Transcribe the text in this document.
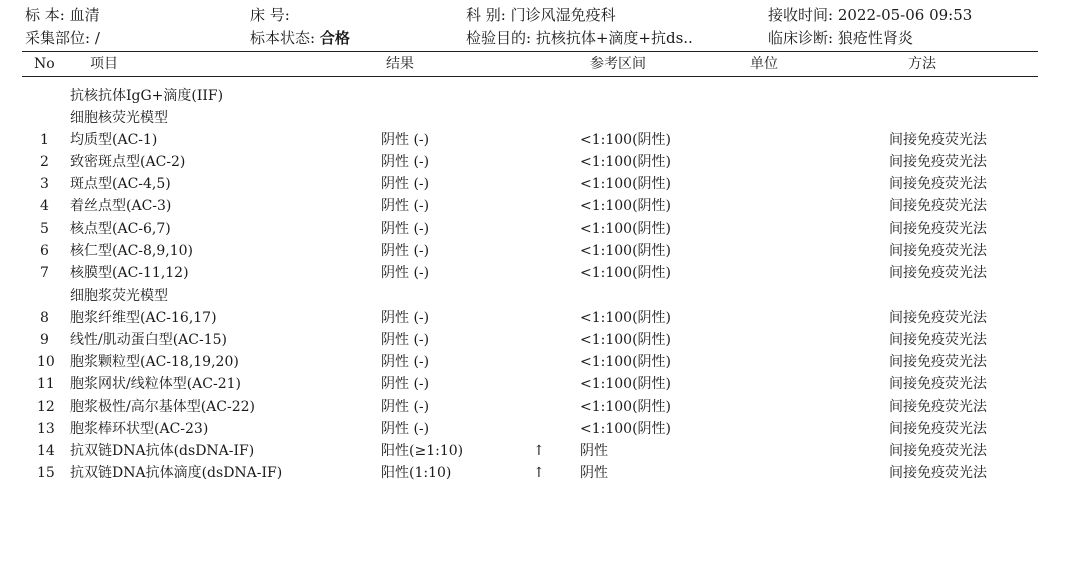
标 本: 血清	床 号:	科 别: 门诊风湿免疫科	接收时间: 2022-05-06 09:53
采集部位: /	标本状态: 合格	检验目的: 抗核抗体+滴度+抗ds..	临床诊断: 狼疮性肾炎
No	项目	结果	参考区间	单位	方法
抗核抗体IgG+滴度(IIF)
细胞核荧光模型
细胞浆荧光模型
1 均质型(AC-1)	阴性 (-)	<1:100(阴性)	间接免疫荧光法
2 致密斑点型(AC-2)	阴性 (-)	<1:100(阴性)	间接免疫荧光法
3 斑点型(AC-4,5)	阴性 (-)	<1:100(阴性)	间接免疫荧光法
4 着丝点型(AC-3)	阴性 (-)	<1:100(阴性)	间接免疫荧光法
5 核点型(AC-6,7)	阴性 (-)	<1:100(阴性)	间接免疫荧光法
6 核仁型(AC-8,9,10)	阴性 (-)	<1:100(阴性)	间接免疫荧光法
7 核膜型(AC-11,12)	阴性 (-)	<1:100(阴性)	间接免疫荧光法
8 胞浆纤维型(AC-16,17)	阴性 (-)	<1:100(阴性)	间接免疫荧光法
9 线性/肌动蛋白型(AC-15)	阴性 (-)	<1:100(阴性)	间接免疫荧光法
10 胞浆颗粒型(AC-18,19,20)	阴性 (-)	<1:100(阴性)	间接免疫荧光法
11 胞浆网状/线粒体型(AC-21)	阴性 (-)	<1:100(阴性)	间接免疫荧光法
12 胞浆极性/高尔基体型(AC-22)	阴性 (-)	<1:100(阴性)	间接免疫荧光法
13 胞浆棒环状型(AC-23)	阴性 (-)	<1:100(阴性)	间接免疫荧光法
14 抗双链DNA抗体(dsDNA-IF)	阳性(≥1:10)	↑	阴性	间接免疫荧光法
15 抗双链DNA抗体滴度(dsDNA-IF)	阳性(1:10)	↑	阴性	间接免疫荧光法
